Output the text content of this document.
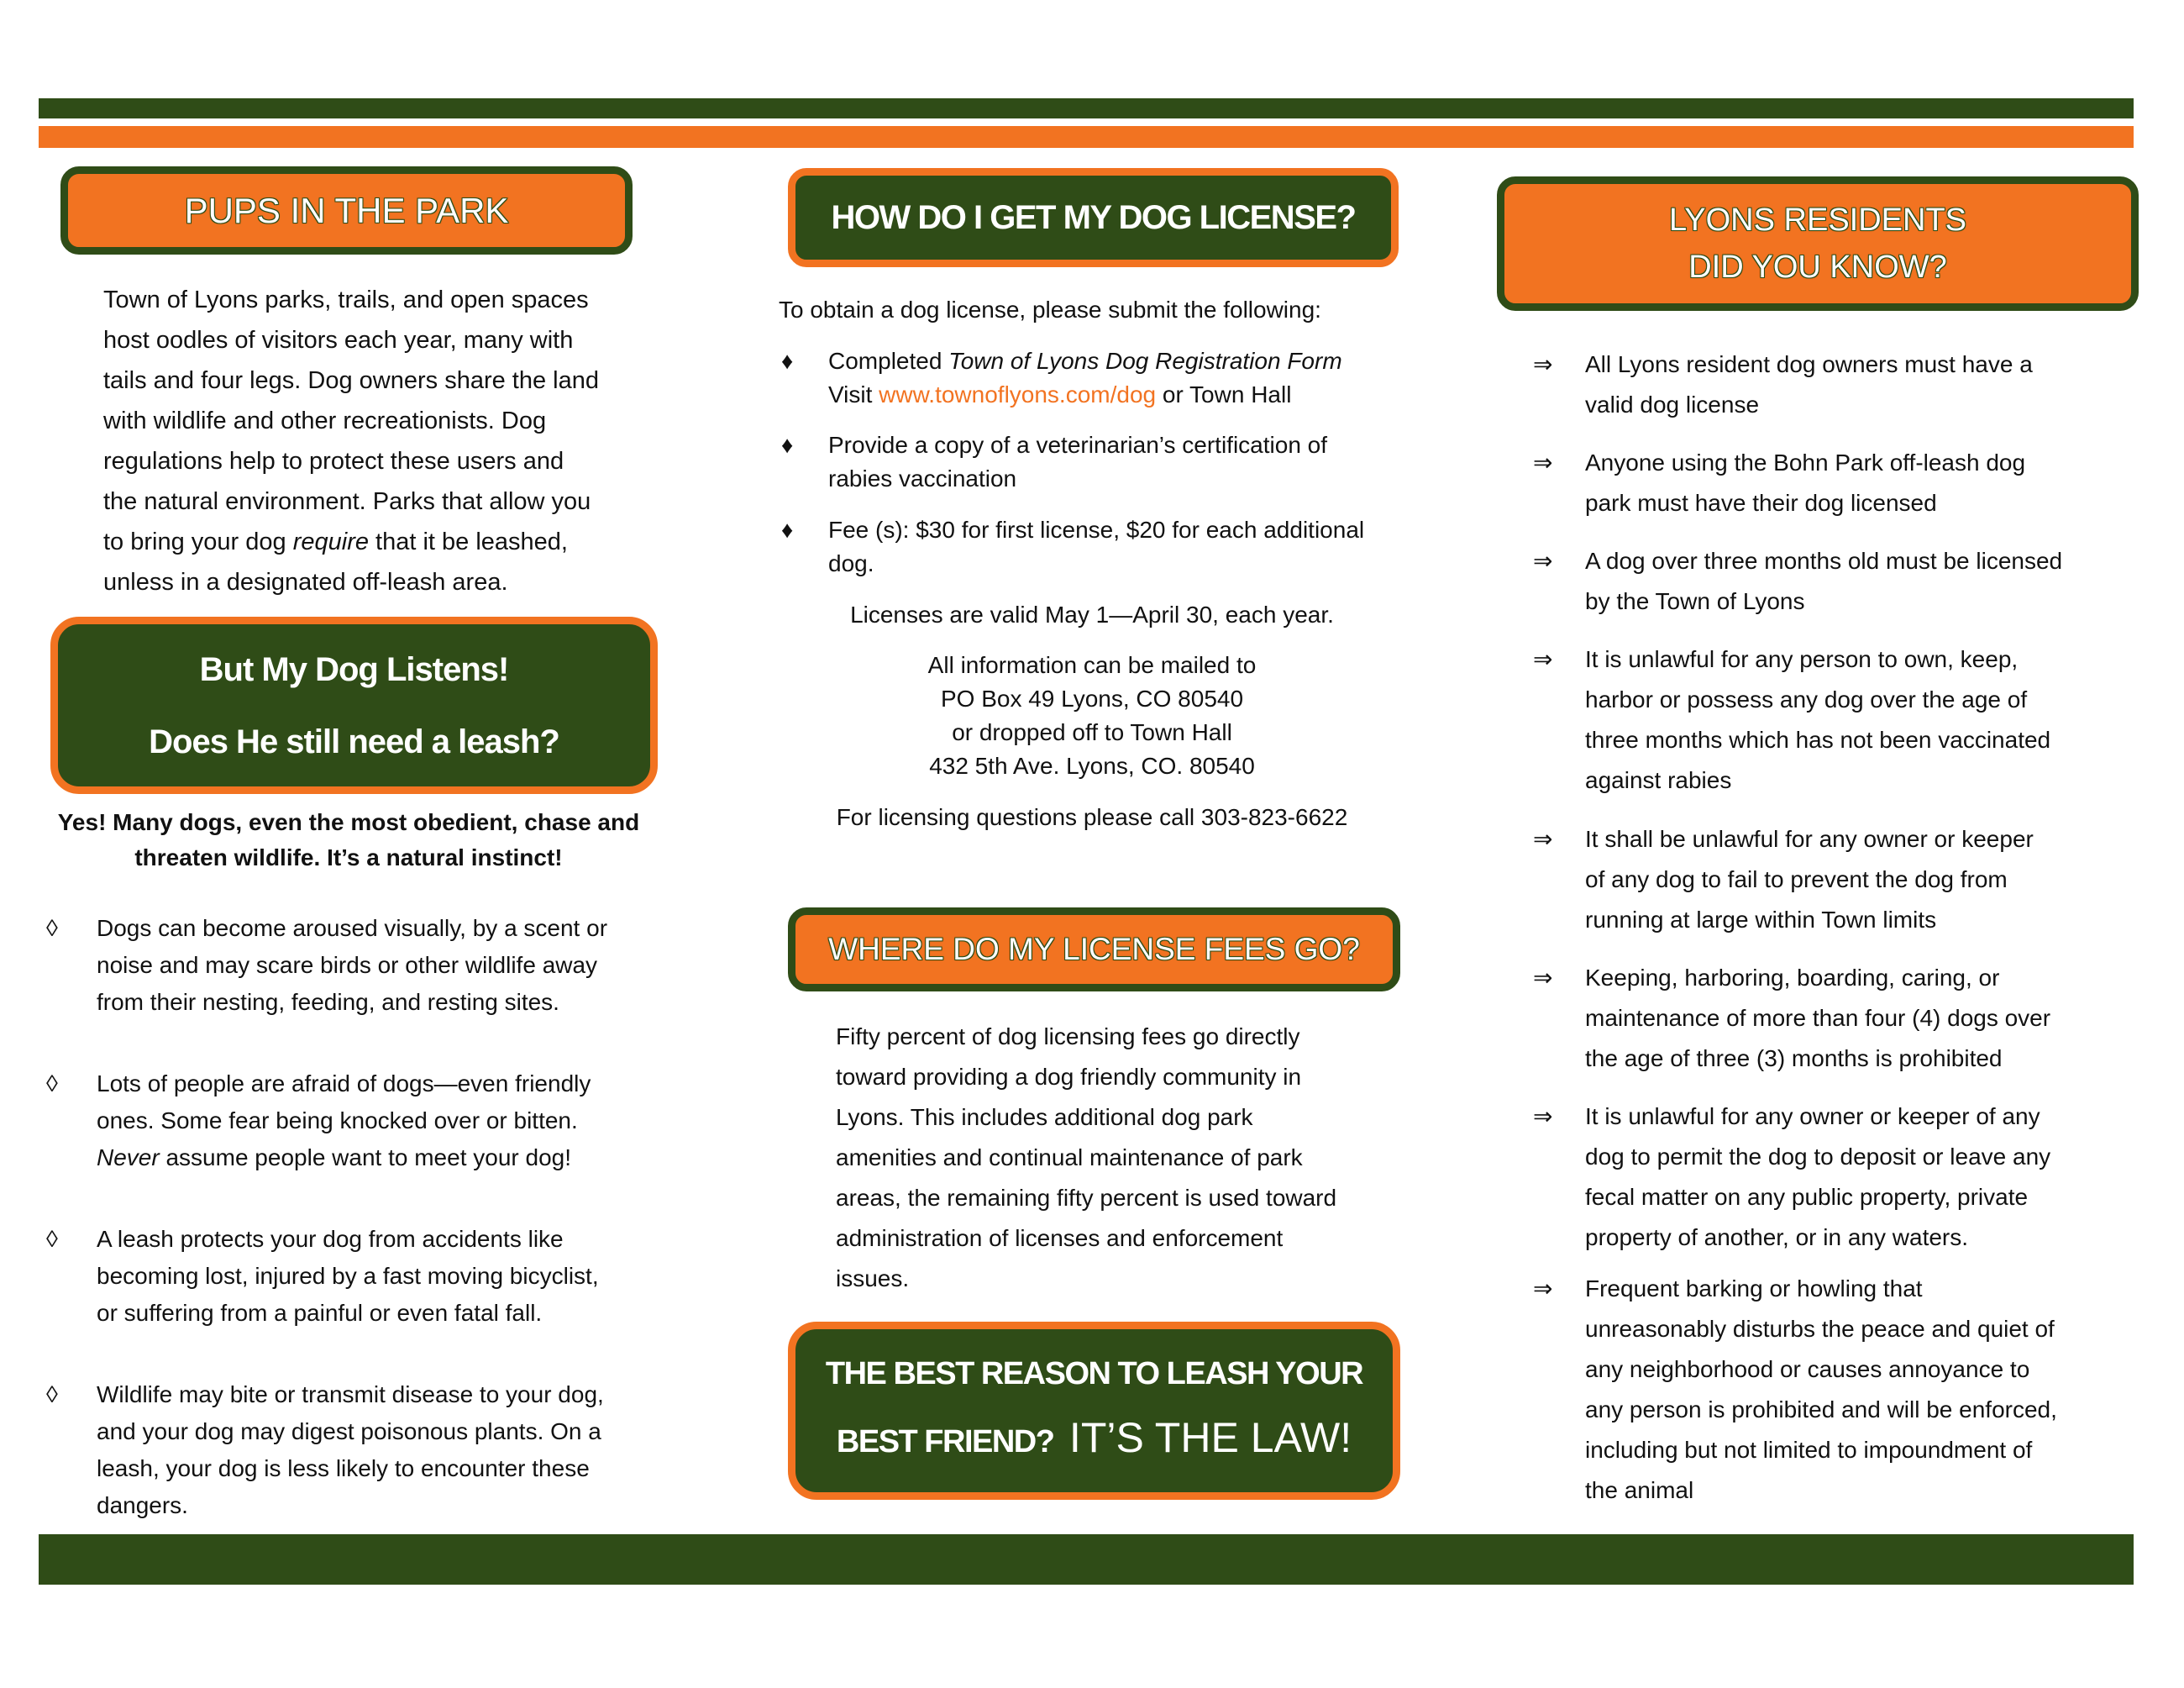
PUPS IN THE PARK
Town of Lyons parks, trails, and open spaces
host oodles of visitors each year, many with
tails and four legs. Dog owners share the land
with wildlife and other recreationists. Dog
regulations help to protect these users and
the natural environment. Parks that allow you
to bring your dog require that it be leashed,
unless in a designated off-leash area.
But My Dog Listens!
Does He still need a leash?
Yes! Many dogs, even the most obedient, chase and
threaten wildlife. It’s a natural instinct!
◊ Dogs can become aroused visually, by a scent or
noise and may scare birds or other wildlife away
from their nesting, feeding, and resting sites.
◊ Lots of people are afraid of dogs—even friendly
ones. Some fear being knocked over or bitten.
Never assume people want to meet your dog!
◊ A leash protects your dog from accidents like
becoming lost, injured by a fast moving bicyclist,
or suffering from a painful or even fatal fall.
◊ Wildlife may bite or transmit disease to your dog,
and your dog may digest poisonous plants. On a
leash, your dog is less likely to encounter these
dangers.
HOW DO I GET MY DOG LICENSE?
To obtain a dog license, please submit the following:
♦ Completed Town of Lyons Dog Registration Form
Visit www.townoflyons.com/dog or Town Hall
♦ Provide a copy of a veterinarian’s certification of
rabies vaccination
♦ Fee (s): $30 for first license, $20 for each additional
dog.
Licenses are valid May 1—April 30, each year.
All information can be mailed to
PO Box 49 Lyons, CO 80540
or dropped off to Town Hall
432 5th Ave. Lyons, CO. 80540
For licensing questions please call 303-823-6622
WHERE DO MY LICENSE FEES GO?
Fifty percent of dog licensing fees go directly
toward providing a dog friendly community in
Lyons. This includes additional dog park
amenities and continual maintenance of park
areas, the remaining fifty percent is used toward
administration of licenses and enforcement
issues.
THE BEST REASON TO LEASH YOUR
BEST FRIEND? IT’S THE LAW!
LYONS RESIDENTS
DID YOU KNOW?
⇒ All Lyons resident dog owners must have a
valid dog license
⇒ Anyone using the Bohn Park off-leash dog
park must have their dog licensed
⇒ A dog over three months old must be licensed
by the Town of Lyons
⇒ It is unlawful for any person to own, keep,
harbor or possess any dog over the age of
three months which has not been vaccinated
against rabies
⇒ It shall be unlawful for any owner or keeper
of any dog to fail to prevent the dog from
running at large within Town limits
⇒ Keeping, harboring, boarding, caring, or
maintenance of more than four (4) dogs over
the age of three (3) months is prohibited
⇒ It is unlawful for any owner or keeper of any
dog to permit the dog to deposit or leave any
fecal matter on any public property, private
property of another, or in any waters.
⇒ Frequent barking or howling that
unreasonably disturbs the peace and quiet of
any neighborhood or causes annoyance to
any person is prohibited and will be enforced,
including but not limited to impoundment of
the animal
